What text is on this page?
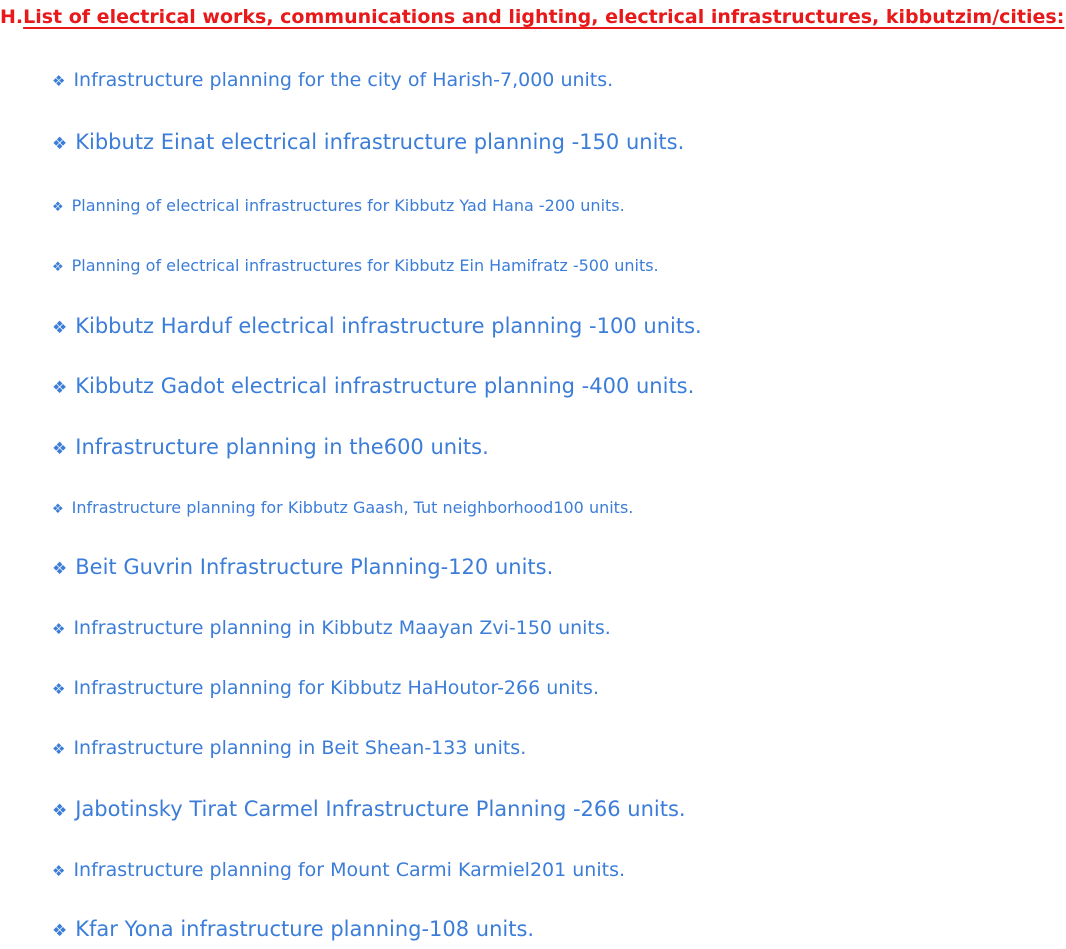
H. List of electrical works, communications and lighting, electrical infrastructures, kibbutzim/cities:
❖ Infrastructure planning for the city of Harish-7,000 units.
❖ Kibbutz Einat electrical infrastructure planning -150 units.
❖ Planning of electrical infrastructures for Kibbutz Yad Hana -200 units.
❖ Planning of electrical infrastructures for Kibbutz Ein Hamifratz -500 units.
❖ Kibbutz Harduf electrical infrastructure planning -100 units.
❖ Kibbutz Gadot electrical infrastructure planning -400 units.
❖ Infrastructure planning in the600 units.
❖ Infrastructure planning for Kibbutz Gaash, Tut neighborhood100 units.
❖ Beit Guvrin Infrastructure Planning-120 units.
❖ Infrastructure planning in Kibbutz Maayan Zvi-150 units.
❖ Infrastructure planning for Kibbutz HaHoutor-266 units.
❖ Infrastructure planning in Beit Shean-133 units.
❖ Jabotinsky Tirat Carmel Infrastructure Planning -266 units.
❖ Infrastructure planning for Mount Carmi Karmiel201 units.
❖ Kfar Yona infrastructure planning-108 units.
